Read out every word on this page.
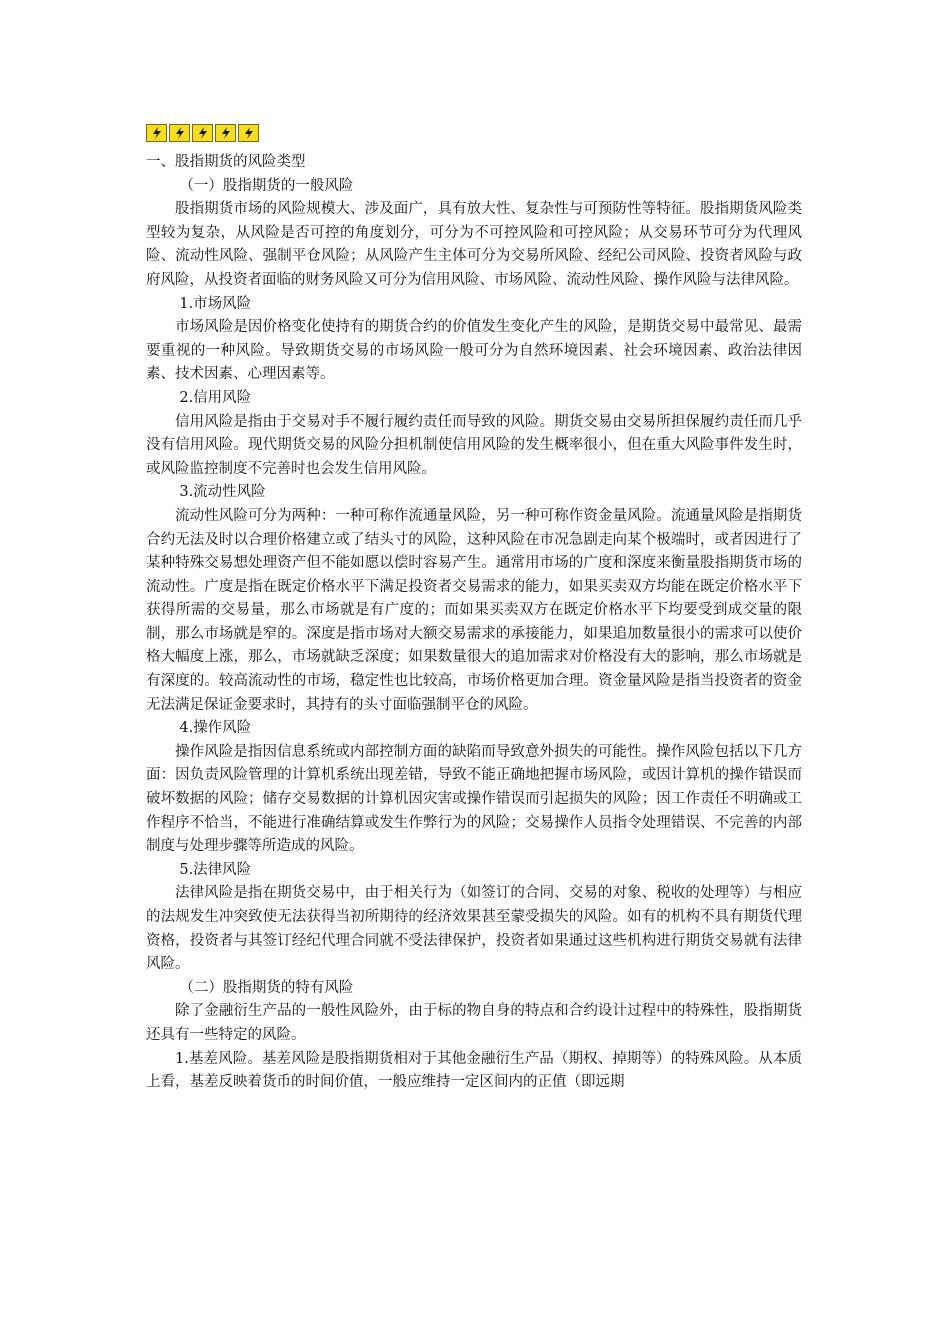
一、股指期货的风险类型

（一）股指期货的一般风险

股指期货市场的风险规模大、涉及面广，具有放大性、复杂性与可预防性等特征。股指期货风险类型较为复杂，从风险是否可控的角度划分，可分为不可控风险和可控风险；从交易环节可分为代理风险、流动性风险、强制平仓风险；从风险产生主体可分为交易所风险、经纪公司风险、投资者风险与政府风险，从投资者面临的财务风险又可分为信用风险、市场风险、流动性风险、操作风险与法律风险。

1.市场风险

市场风险是因价格变化使持有的期货合约的价值发生变化产生的风险，是期货交易中最常见、最需要重视的一种风险。导致期货交易的市场风险一般可分为自然环境因素、社会环境因素、政治法律因素、技术因素、心理因素等。

2.信用风险

信用风险是指由于交易对手不履行履约责任而导致的风险。期货交易由交易所担保履约责任而几乎没有信用风险。现代期货交易的风险分担机制使信用风险的发生概率很小，但在重大风险事件发生时，或风险监控制度不完善时也会发生信用风险。

3.流动性风险

流动性风险可分为两种：一种可称作流通量风险，另一种可称作资金量风险。流通量风险是指期货合约无法及时以合理价格建立或了结头寸的风险，这种风险在市况急剧走向某个极端时，或者因进行了某种特殊交易想处理资产但不能如愿以偿时容易产生。通常用市场的广度和深度来衡量股指期货市场的流动性。广度是指在既定价格水平下满足投资者交易需求的能力，如果买卖双方均能在既定价格水平下获得所需的交易量，那么市场就是有广度的；而如果买卖双方在既定价格水平下均要受到成交量的限制，那么市场就是窄的。深度是指市场对大额交易需求的承接能力，如果追加数量很小的需求可以使价格大幅度上涨，那么，市场就缺乏深度；如果数量很大的追加需求对价格没有大的影响，那么市场就是有深度的。较高流动性的市场，稳定性也比较高，市场价格更加合理。资金量风险是指当投资者的资金无法满足保证金要求时，其持有的头寸面临强制平仓的风险。

4.操作风险

操作风险是指因信息系统或内部控制方面的缺陷而导致意外损失的可能性。操作风险包括以下几方面：因负责风险管理的计算机系统出现差错，导致不能正确地把握市场风险，或因计算机的操作错误而破坏数据的风险；储存交易数据的计算机因灾害或操作错误而引起损失的风险；因工作责任不明确或工作程序不恰当，不能进行准确结算或发生作弊行为的风险；交易操作人员指令处理错误、不完善的内部制度与处理步骤等所造成的风险。

5.法律风险

法律风险是指在期货交易中，由于相关行为（如签订的合同、交易的对象、税收的处理等）与相应的法规发生冲突致使无法获得当初所期待的经济效果甚至蒙受损失的风险。如有的机构不具有期货代理资格，投资者与其签订经纪代理合同就不受法律保护，投资者如果通过这些机构进行期货交易就有法律风险。

（二）股指期货的特有风险

除了金融衍生产品的一般性风险外，由于标的物自身的特点和合约设计过程中的特殊性，股指期货还具有一些特定的风险。

1.基差风险。基差风险是股指期货相对于其他金融衍生产品（期权、掉期等）的特殊风险。从本质上看，基差反映着货币的时间价值，一般应维持一定区间内的正值（即远期
